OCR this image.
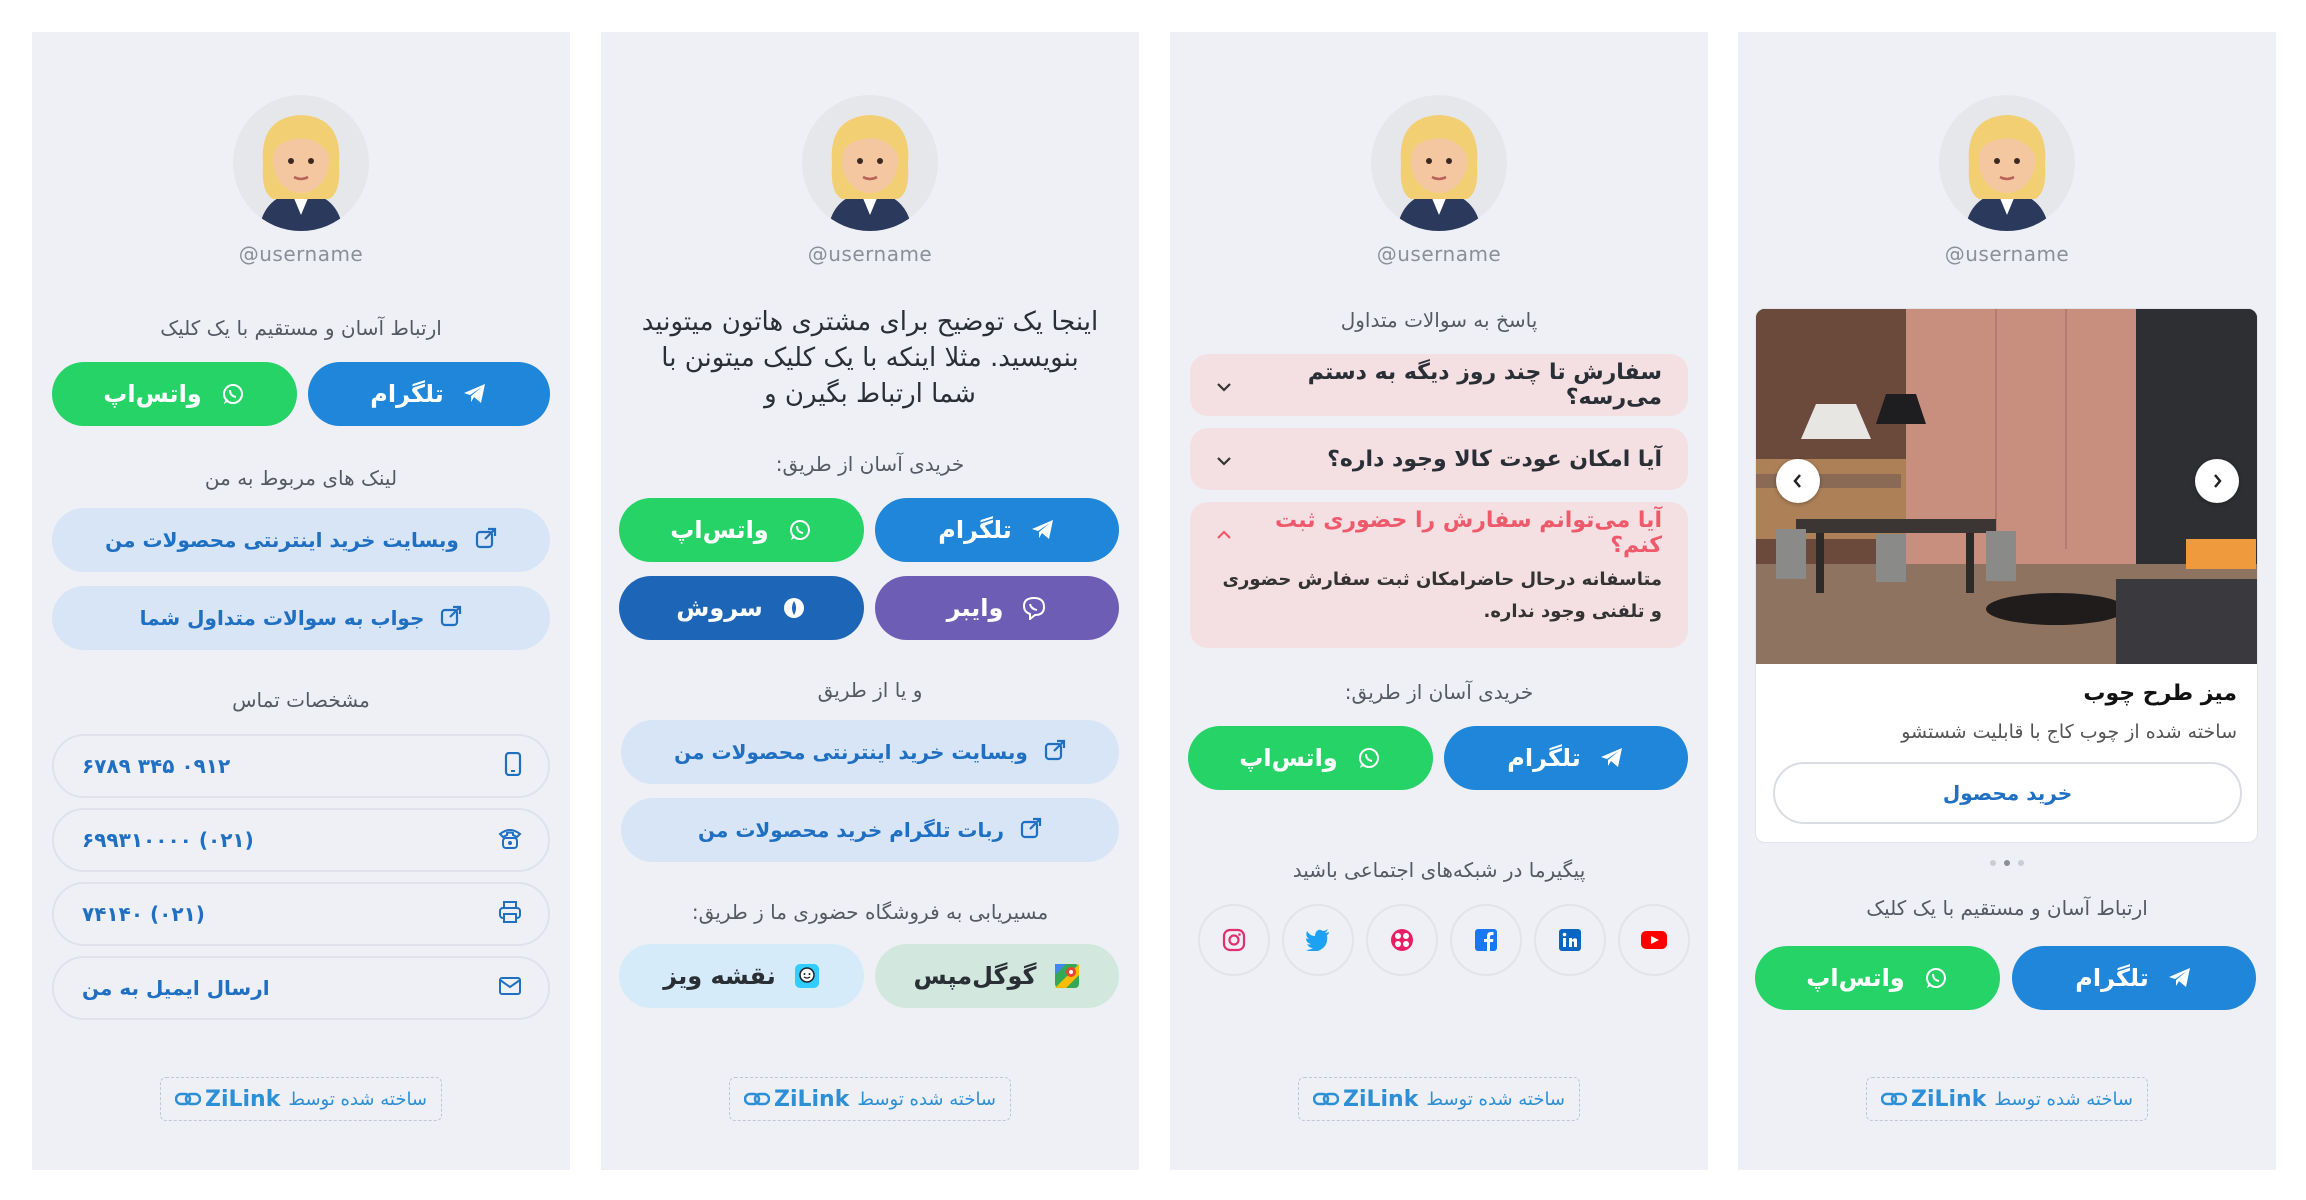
@username
ارتباط آسان و مستقیم با یک کلیک
تلگرام
واتس‌اپ
لینک های مربوط به من
وبسایت خرید اینترنتی محصولات من
جواب به سوالات متداول شما
مشخصات تماس
۰۹۱۲ ۳۴۵ ۶۷۸۹
(۰۲۱) ۶۹۹۳۱۰۰۰۰
(۰۲۱) ۷۴۱۴۰
ارسال ایمیل به من
ساخته شده توسط
ZiLink
@username
اینجا یک توضیح برای مشتری هاتون میتونید بنویسید. مثلا اینکه با یک کلیک میتونن با شما ارتباط بگیرن و
خریدی آسان از طریق:
تلگرام
واتس‌اپ
وایبر
سروش
و یا از طریق
وبسایت خرید اینترنتی محصولات من
ربات تلگرام خرید محصولات من
مسیریابی به فروشگاه حضوری ما ز طریق:
گوگل‌مپس
نقشه ویز
ساخته شده توسط
ZiLink
@username
پاسخ به سوالات متداول
سفارش تا چند روز دیگه به دستم می‌رسه؟
آیا امکان عودت کالا وجود داره؟
آیا می‌توانم سفارش را حضوری ثبت کنم؟
متاسفانه درحال حاضرامکان ثبت سفارش حضوری و تلفنی وجود نداره.
خریدی آسان از طریق:
تلگرام
واتس‌اپ
پیگیرما در شبکه‌های اجتماعی باشید
ساخته شده توسط
ZiLink
@username
میز طرح چوب
ساخته شده از چوب کاج با قابلیت شستشو
خرید محصول
ارتباط آسان و مستقیم با یک کلیک
تلگرام
واتس‌اپ
ساخته شده توسط
ZiLink
